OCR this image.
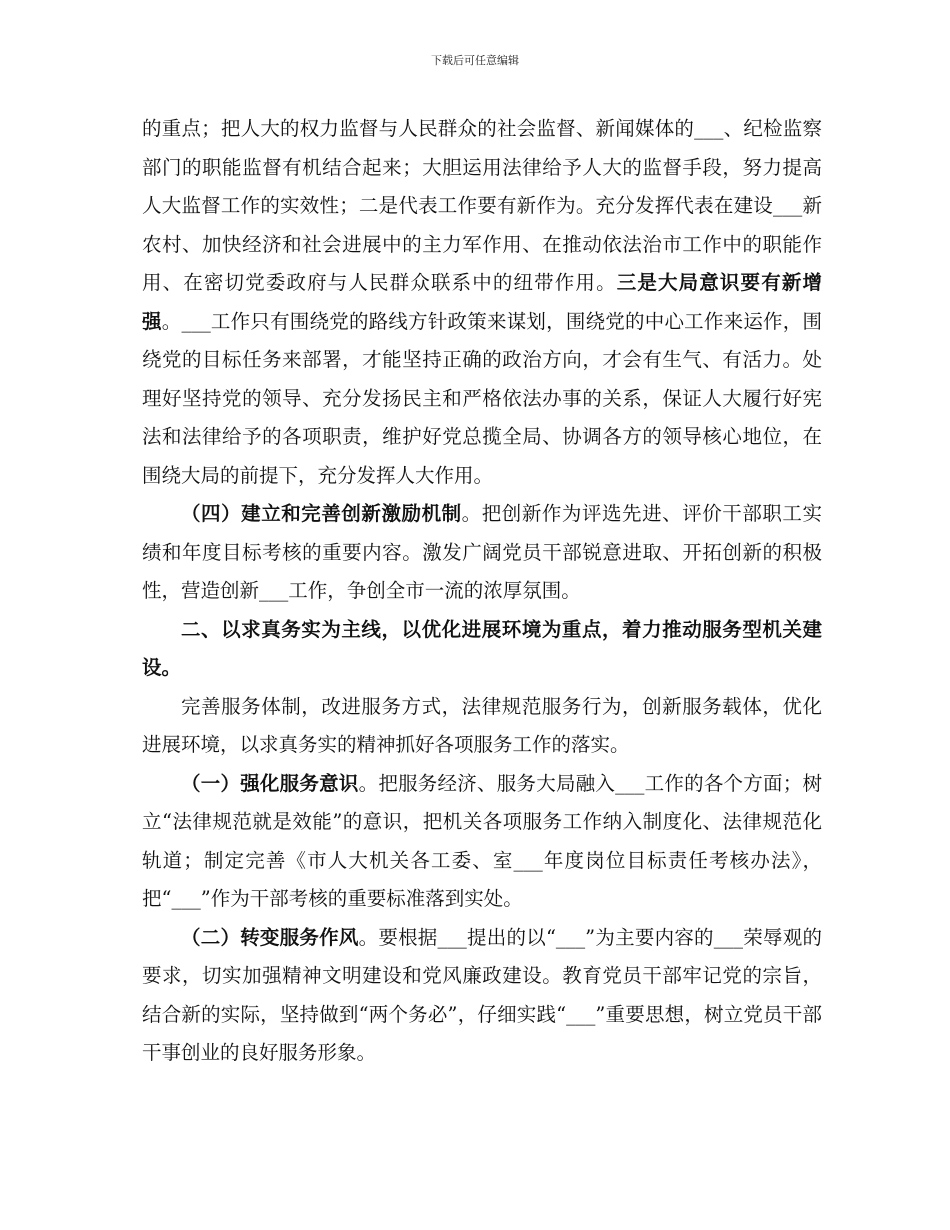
下载后可任意编辑

的重点；把人大的权力监督与人民群众的社会监督、新闻媒体的___、纪检监察部门的职能监督有机结合起来；大胆运用法律给予人大的监督手段，努力提高人大监督工作的实效性；二是代表工作要有新作为。充分发挥代表在建设___新农村、加快经济和社会进展中的主力军作用、在推动依法治市工作中的职能作用、在密切党委政府与人民群众联系中的纽带作用。三是大局意识要有新增强。___工作只有围绕党的路线方针政策来谋划，围绕党的中心工作来运作，围绕党的目标任务来部署，才能坚持正确的政治方向，才会有生气、有活力。处理好坚持党的领导、充分发扬民主和严格依法办事的关系，保证人大履行好宪法和法律给予的各项职责，维护好党总揽全局、协调各方的领导核心地位，在围绕大局的前提下，充分发挥人大作用。

（四）建立和完善创新激励机制。把创新作为评选先进、评价干部职工实绩和年度目标考核的重要内容。激发广阔党员干部锐意进取、开拓创新的积极性，营造创新___工作，争创全市一流的浓厚氛围。

二、以求真务实为主线，以优化进展环境为重点，着力推动服务型机关建设。

完善服务体制，改进服务方式，法律规范服务行为，创新服务载体，优化进展环境，以求真务实的精神抓好各项服务工作的落实。

（一）强化服务意识。把服务经济、服务大局融入___工作的各个方面；树立“法律规范就是效能”的意识，把机关各项服务工作纳入制度化、法律规范化轨道；制定完善《市人大机关各工委、室___年度岗位目标责任考核办法》，把“___”作为干部考核的重要标准落到实处。

（二）转变服务作风。要根据___提出的以“___”为主要内容的___荣辱观的要求，切实加强精神文明建设和党风廉政建设。教育党员干部牢记党的宗旨，结合新的实际，坚持做到“两个务必”，仔细实践“___”重要思想，树立党员干部干事创业的良好服务形象。
